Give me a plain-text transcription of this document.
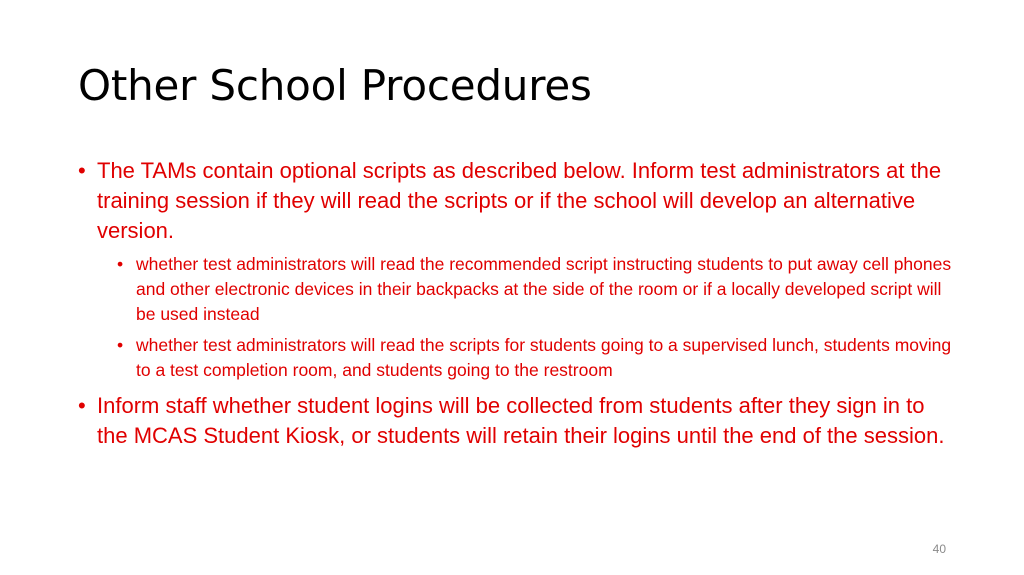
Other School Procedures
• The TAMs contain optional scripts as described below. Inform test administrators at the training session if they will read the scripts or if the school will develop an alternative version.
• whether test administrators will read the recommended script instructing students to put away cell phones and other electronic devices in their backpacks at the side of the room or if a locally developed script will be used instead
• whether test administrators will read the scripts for students going to a supervised lunch, students moving to a test completion room, and students going to the restroom
• Inform staff whether student logins will be collected from students after they sign in to the MCAS Student Kiosk, or students will retain their logins until the end of the session.
40
